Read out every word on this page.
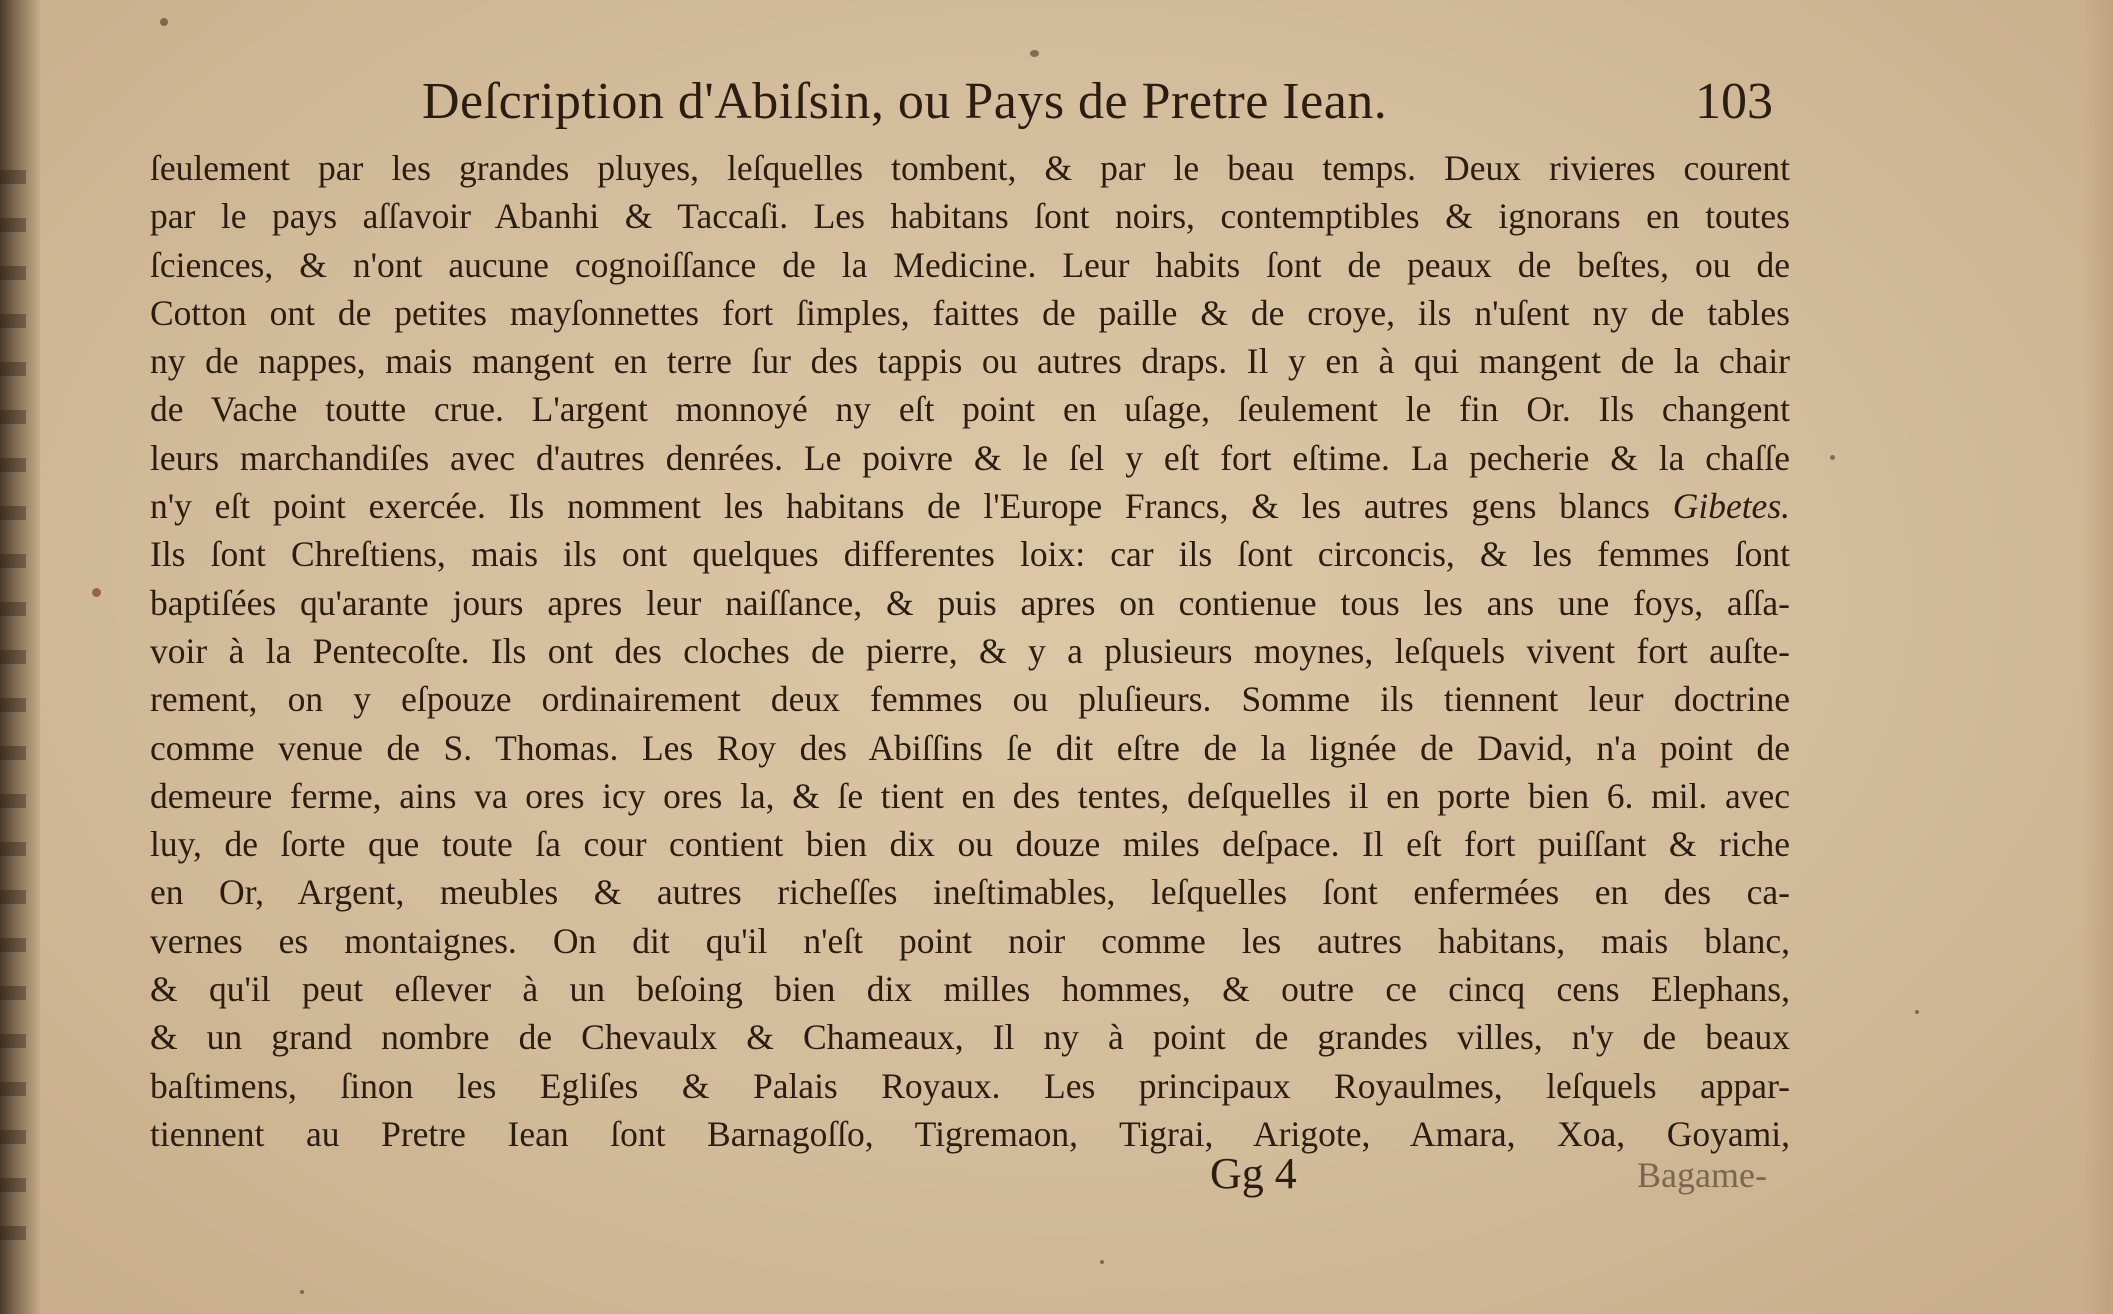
Deſcription d'Abiſsin, ou Pays de Pretre Iean.	103
ſeulement par les grandes pluyes, leſquelles tombent, & par le beau temps. Deux rivieres courent
par le pays aſſavoir Abanhi & Taccaſi. Les habitans ſont noirs, contemptibles & ignorans en toutes
ſciences, & n'ont aucune cognoiſſance de la Medicine. Leur habits ſont de peaux de beſtes, ou de
Cotton ont de petites mayſonnettes fort ſimples, faittes de paille & de croye, ils n'uſent ny de tables
ny de nappes, mais mangent en terre ſur des tappis ou autres draps. Il y en à qui mangent de la chair
de Vache toutte crue. L'argent monnoyé ny eſt point en uſage, ſeulement le fin Or. Ils changent
leurs marchandiſes avec d'autres denrées. Le poivre & le ſel y eſt fort eſtime. La pecherie & la chaſſe
n'y eſt point exercée. Ils nomment les habitans de l'Europe Francs, & les autres gens blancs Gibetes.
Ils ſont Chreſtiens, mais ils ont quelques differentes loix: car ils ſont circoncis, & les femmes ſont
baptiſées qu'arante jours apres leur naiſſance, & puis apres on contienue tous les ans une foys, aſſa-
voir à la Pentecoſte. Ils ont des cloches de pierre, & y a plusieurs moynes, leſquels vivent fort auſte-
rement, on y eſpouze ordinairement deux femmes ou pluſieurs. Somme ils tiennent leur doctrine
comme venue de S. Thomas. Les Roy des Abiſſins ſe dit eſtre de la lignée de David, n'a point de
demeure ferme, ains va ores icy ores la, & ſe tient en des tentes, deſquelles il en porte bien 6. mil. avec
luy, de ſorte que toute ſa cour contient bien dix ou douze miles deſpace. Il eſt fort puiſſant & riche
en Or, Argent, meubles & autres richeſſes ineſtimables, leſquelles ſont enfermées en des ca-
vernes es montaignes. On dit qu'il n'eſt point noir comme les autres habitans, mais blanc,
& qu'il peut eſlever à un beſoing bien dix milles hommes, & outre ce cincq cens Elephans,
& un grand nombre de Chevaulx & Chameaux, Il ny à point de grandes villes, n'y de beaux
baſtimens, ſinon les Egliſes & Palais Royaux. Les principaux Royaulmes, leſquels appar-
tiennent au Pretre Iean ſont Barnagoſſo, Tigremaon, Tigrai, Arigote, Amara, Xoa, Goyami,
Gg 4	Bagame-
